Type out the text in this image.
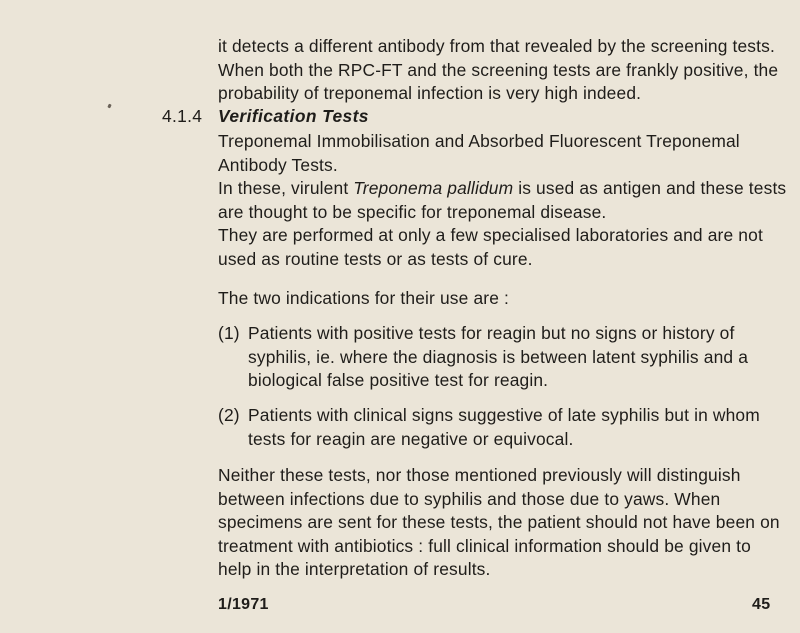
it detects a different antibody from that revealed by the screening tests. When both the RPC-FT and the screening tests are frankly positive, the probability of treponemal infection is very high indeed.

4.1.4 Verification Tests

Treponemal Immobilisation and Absorbed Fluorescent Treponemal Antibody Tests.

In these, virulent Treponema pallidum is used as antigen and these tests are thought to be specific for treponemal disease.

They are performed at only a few specialised laboratories and are not used as routine tests or as tests of cure.

The two indications for their use are :

(1) Patients with positive tests for reagin but no signs or history of syphilis, ie. where the diagnosis is between latent syphilis and a biological false positive test for reagin.
(2) Patients with clinical signs suggestive of late syphilis but in whom tests for reagin are negative or equivocal.

Neither these tests, nor those mentioned previously will distinguish between infections due to syphilis and those due to yaws. When specimens are sent for these tests, the patient should not have been on treatment with antibiotics : full clinical information should be given to help in the interpretation of results.

1/1971	45
